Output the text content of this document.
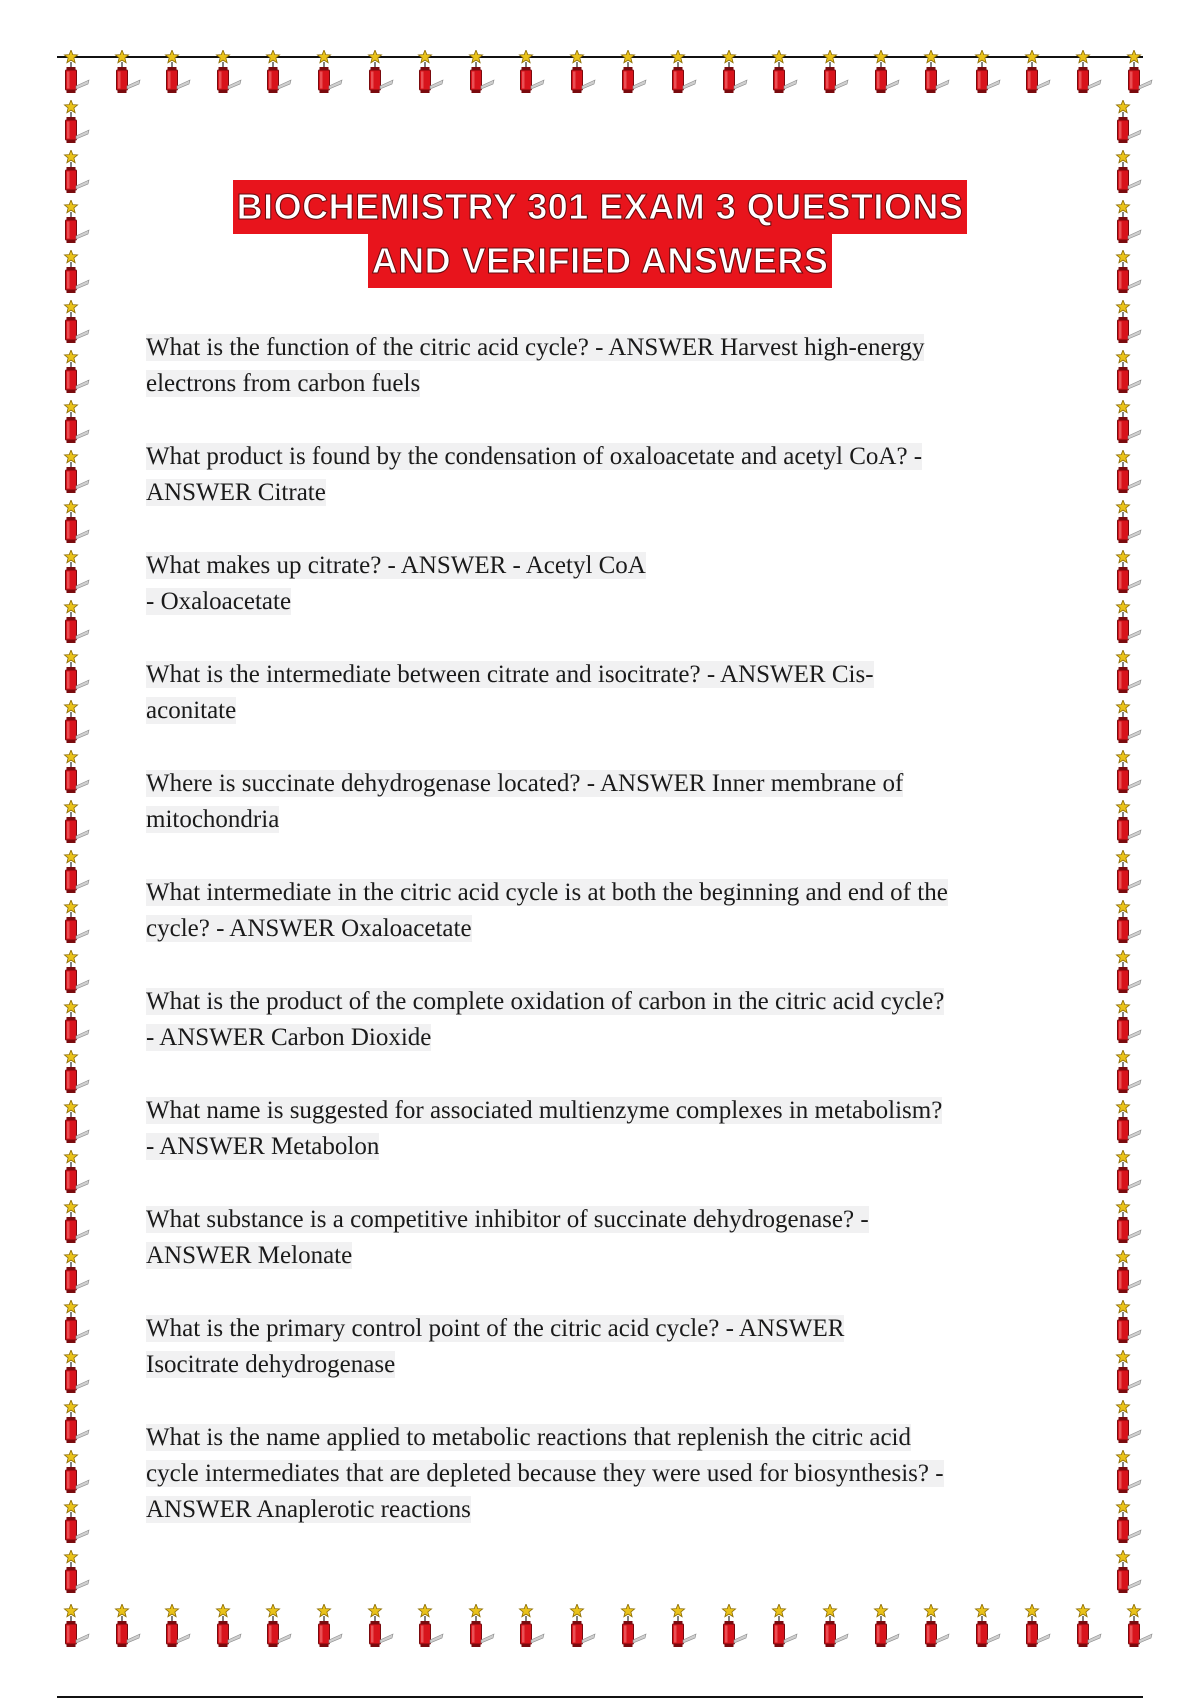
BIOCHEMISTRY 301 EXAM 3 QUESTIONS
AND VERIFIED ANSWERS

What is the function of the citric acid cycle? - ANSWER Harvest high-energy
electrons from carbon fuels

What product is found by the condensation of oxaloacetate and acetyl CoA? -
ANSWER Citrate

What makes up citrate? - ANSWER - Acetyl CoA
- Oxaloacetate

What is the intermediate between citrate and isocitrate? - ANSWER Cis-
aconitate

Where is succinate dehydrogenase located? - ANSWER Inner membrane of
mitochondria

What intermediate in the citric acid cycle is at both the beginning and end of the
cycle? - ANSWER Oxaloacetate

What is the product of the complete oxidation of carbon in the citric acid cycle?
- ANSWER Carbon Dioxide

What name is suggested for associated multienzyme complexes in metabolism?
- ANSWER Metabolon

What substance is a competitive inhibitor of succinate dehydrogenase? -
ANSWER Melonate

What is the primary control point of the citric acid cycle? - ANSWER
Isocitrate dehydrogenase

What is the name applied to metabolic reactions that replenish the citric acid
cycle intermediates that are depleted because they were used for biosynthesis? -
ANSWER Anaplerotic reactions
